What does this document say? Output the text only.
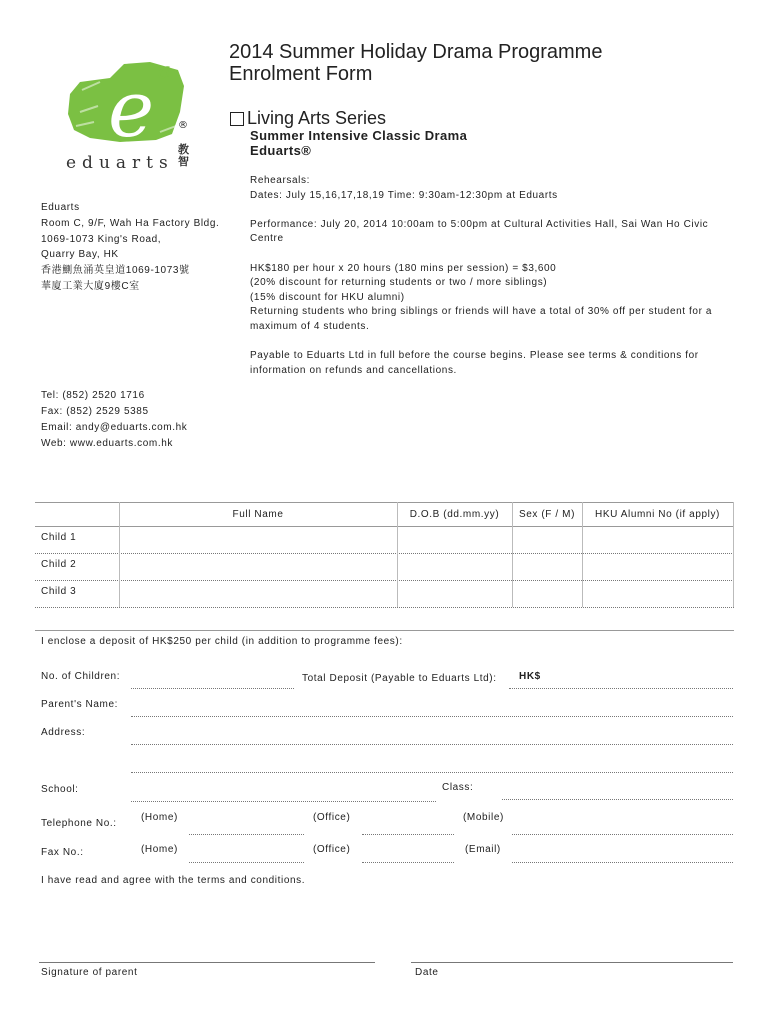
e a
®
eduarts
教智
2014 Summer Holiday Drama Programme
Enrolment Form
Living Arts Series
Summer Intensive Classic Drama
Eduarts®
Eduarts
Room C, 9/F, Wah Ha Factory Bldg.
1069-1073 King's Road,
Quarry Bay, HK
香港鰂魚涌英皇道1069-1073號
華廈工業大廈9樓C室

Rehearsals:
Dates: July 15,16,17,18,19 Time: 9:30am-12:30pm at Eduarts

Performance: July 20, 2014 10:00am to 5:00pm at Cultural Activities Hall, Sai Wan Ho Civic Centre

HK$180 per hour x 20 hours (180 mins per session) = $3,600
(20% discount for returning students or two / more siblings)
(15% discount for HKU alumni)
Returning students who bring siblings or friends will have a total of 30% off per student for a maximum of 4 students.

Payable to Eduarts Ltd in full before the course begins. Please see terms & conditions for information on refunds and cancellations.

Tel: (852) 2520 1716
Fax: (852) 2529 5385
Email: andy@eduarts.com.hk
Web: www.eduarts.com.hk
Full Name	D.O.B (dd.mm.yy)	Sex (F / M)	HKU Alumni No (if apply)
Child 1
Child 2
Child 3
I enclose a deposit of HK$250 per child (in addition to programme fees):
No. of Children:	Total Deposit (Payable to Eduarts Ltd): HK$
Parent's Name:
Address:
School:	Class:
Telephone No.:
(Home)	(Office)	(Mobile)
Fax No.:	(Home)	(Office)	(Email)
I have read and agree with the terms and conditions.
Signature of parent	Date
